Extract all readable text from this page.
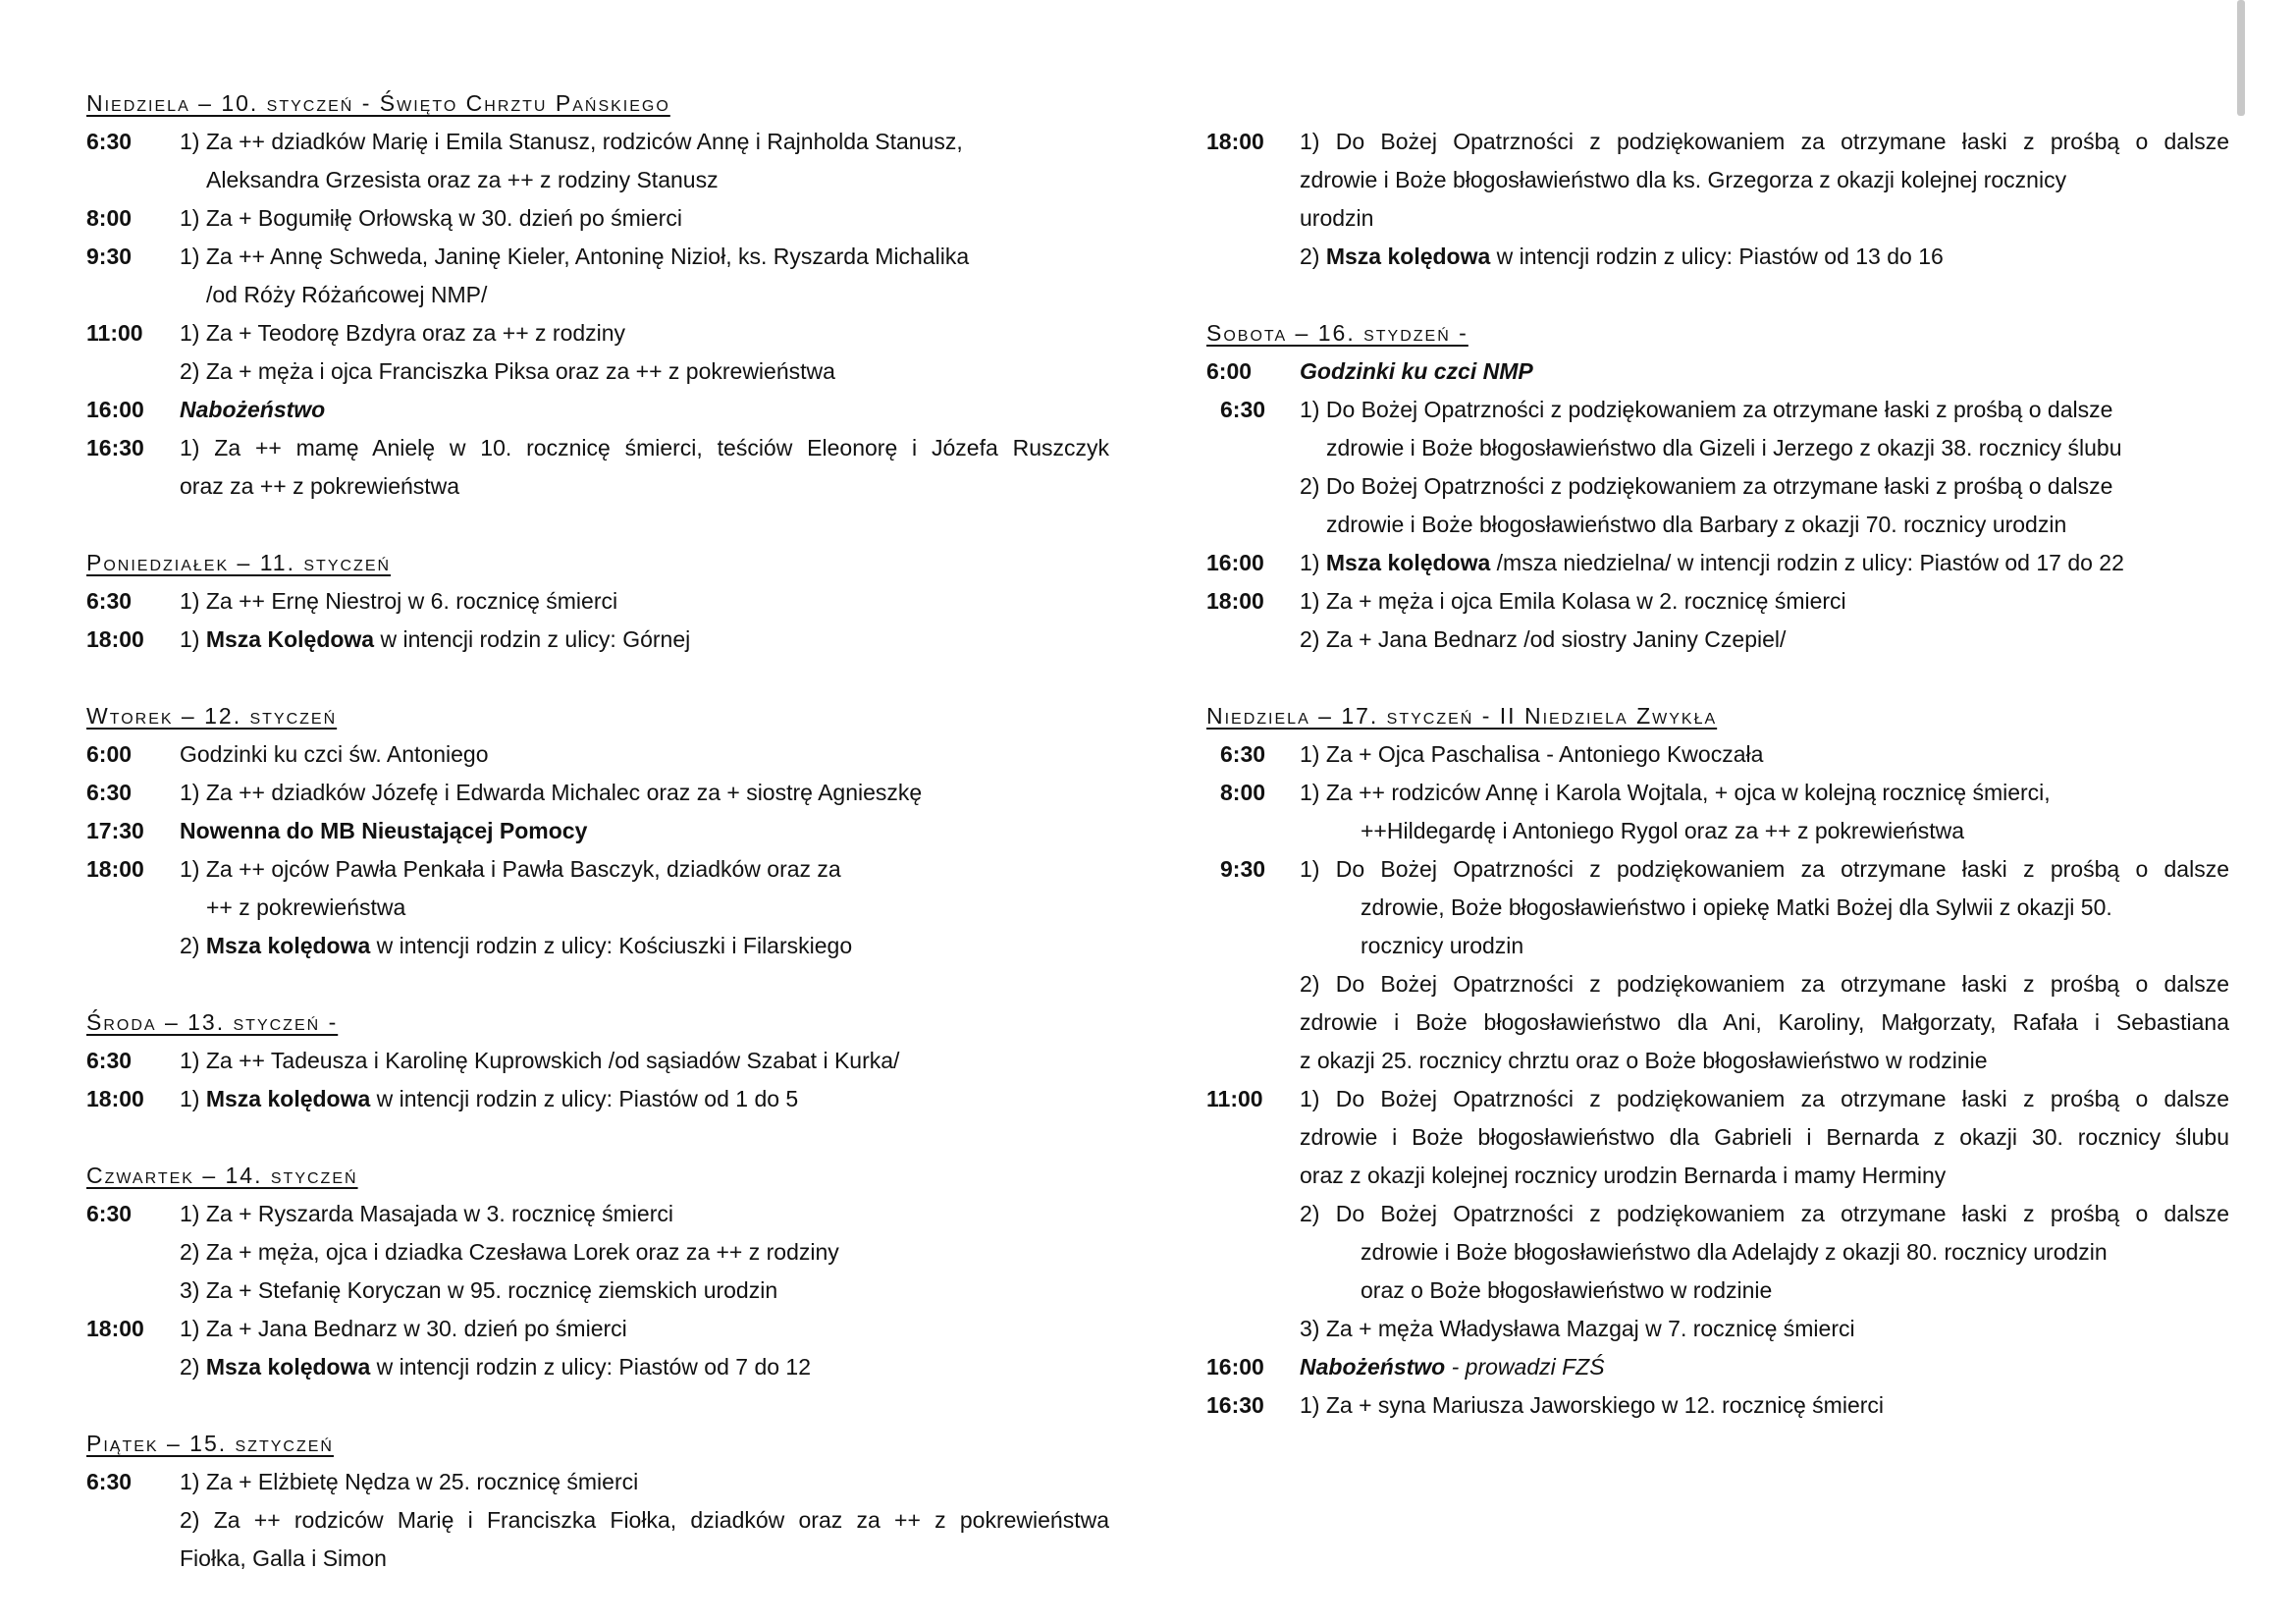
Niedziela – 10. styczeń - Święto Chrztu Pańskiego
6:30	1) Za ++ dziadków Marię i Emila Stanusz, rodziców Annę i Rajnholda Stanusz,
Aleksandra Grzesista oraz za ++ z rodziny Stanusz
8:00	1) Za + Bogumiłę Orłowską w 30. dzień po śmierci
9:30	1) Za ++ Annę Schweda, Janinę Kieler, Antoninę Nizioł, ks. Ryszarda Michalika
/od Róży Różańcowej NMP/
11:00	1) Za + Teodorę Bzdyra oraz za ++ z rodziny
2) Za + męża i ojca Franciszka Piksa oraz za ++ z pokrewieństwa
16:00	Nabożeństwo
16:30	1) Za ++ mamę Anielę w 10. rocznicę śmierci, teściów Eleonorę i Józefa Ruszczyk
oraz za ++ z pokrewieństwa
Poniedziałek – 11. styczeń
6:30	1) Za ++ Ernę Niestroj w 6. rocznicę śmierci
18:00	1) Msza Kolędowa w intencji rodzin z ulicy: Górnej
Wtorek – 12. styczeń
6:00	Godzinki ku czci św. Antoniego
6:30	1) Za ++ dziadków Józefę i Edwarda Michalec oraz za + siostrę Agnieszkę
17:30	Nowenna do MB Nieustającej Pomocy
18:00	1) Za ++ ojców Pawła Penkała i Pawła Basczyk, dziadków oraz za
++ z pokrewieństwa
2) Msza kolędowa w intencji rodzin z ulicy: Kościuszki i Filarskiego
Środa – 13. styczeń -
6:30	1) Za ++ Tadeusza i Karolinę Kuprowskich /od sąsiadów Szabat i Kurka/
18:00	1) Msza kolędowa w intencji rodzin z ulicy: Piastów od 1 do 5
Czwartek – 14. styczeń
6:30	1) Za + Ryszarda Masajada w 3. rocznicę śmierci
2) Za + męża, ojca i dziadka Czesława Lorek oraz za ++ z rodziny
3) Za + Stefanię Koryczan w 95. rocznicę ziemskich urodzin
18:00	1) Za + Jana Bednarz w 30. dzień po śmierci
2) Msza kolędowa w intencji rodzin z ulicy: Piastów od 7 do 12
Piątek – 15. sztyczeń
6:30	1) Za + Elżbietę Nędza w 25. rocznicę śmierci
2) Za ++ rodziców Marię i Franciszka Fiołka, dziadków oraz za ++ z pokrewieństwa
Fiołka, Galla i Simon
18:00	1) Do Bożej Opatrzności z podziękowaniem za otrzymane łaski z prośbą o dalsze
zdrowie i Boże błogosławieństwo dla ks. Grzegorza z okazji kolejnej rocznicy
urodzin
2) Msza kolędowa w intencji rodzin z ulicy: Piastów od 13 do 16
Sobota – 16. stydzeń -
6:00	Godzinki ku czci NMP
6:30	1) Do Bożej Opatrzności z podziękowaniem za otrzymane łaski z prośbą o dalsze
zdrowie i Boże błogosławieństwo dla Gizeli i Jerzego z okazji 38. rocznicy ślubu
2) Do Bożej Opatrzności z podziękowaniem za otrzymane łaski z prośbą o dalsze
zdrowie i Boże błogosławieństwo dla Barbary z okazji 70. rocznicy urodzin
16:00	1) Msza kolędowa /msza niedzielna/ w intencji rodzin z ulicy: Piastów od 17 do 22
18:00	1) Za + męża i ojca Emila Kolasa w 2. rocznicę śmierci
2) Za + Jana Bednarz /od siostry Janiny Czepiel/
Niedziela – 17. styczeń - II Niedziela Zwykła
6:30	1) Za + Ojca Paschalisa - Antoniego Kwoczała
8:00	1) Za ++ rodziców Annę i Karola Wojtala, + ojca w kolejną rocznicę śmierci,
++Hildegardę i Antoniego Rygol oraz za ++ z pokrewieństwa
9:30	1) Do Bożej Opatrzności z podziękowaniem za otrzymane łaski z prośbą o dalsze
zdrowie, Boże błogosławieństwo i opiekę Matki Bożej dla Sylwii z okazji 50.
rocznicy urodzin
2) Do Bożej Opatrzności z podziękowaniem za otrzymane łaski z prośbą o dalsze
zdrowie i Boże błogosławieństwo dla Ani, Karoliny, Małgorzaty, Rafała i Sebastiana
z okazji 25. rocznicy chrztu oraz o Boże błogosławieństwo w rodzinie
11:00	1) Do Bożej Opatrzności z podziękowaniem za otrzymane łaski z prośbą o dalsze
zdrowie i Boże błogosławieństwo dla Gabrieli i Bernarda z okazji 30. rocznicy ślubu
oraz z okazji kolejnej rocznicy urodzin Bernarda i mamy Herminy
2) Do Bożej Opatrzności z podziękowaniem za otrzymane łaski z prośbą o dalsze
zdrowie i Boże błogosławieństwo dla Adelajdy z okazji 80. rocznicy urodzin
oraz o Boże błogosławieństwo w rodzinie
3) Za + męża Władysława Mazgaj w 7. rocznicę śmierci
16:00	Nabożeństwo - prowadzi FZŚ
16:30	1) Za + syna Mariusza Jaworskiego w 12. rocznicę śmierci
